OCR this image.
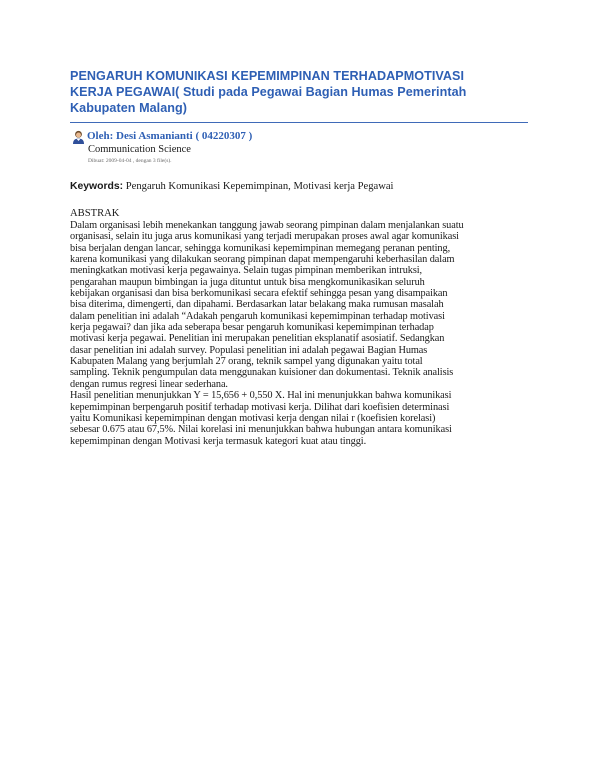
PENGARUH KOMUNIKASI KEPEMIMPINAN TERHADAPMOTIVASI KERJA PEGAWAI( Studi pada Pegawai Bagian Humas Pemerintah Kabupaten Malang)
Oleh: Desi Asmanianti ( 04220307 )
Communication Science
Dibuat: 2009-04-04 , dengan 3 file(s).
Keywords: Pengaruh Komunikasi Kepemimpinan, Motivasi kerja Pegawai
ABSTRAK
Dalam organisasi lebih menekankan tanggung jawab seorang pimpinan dalam menjalankan suatu
organisasi, selain itu juga arus komunikasi yang terjadi merupakan proses awal agar komunikasi
bisa berjalan dengan lancar, sehingga komunikasi kepemimpinan memegang peranan penting,
karena komunikasi yang dilakukan seorang pimpinan dapat mempengaruhi keberhasilan dalam
meningkatkan motivasi kerja pegawainya. Selain tugas pimpinan memberikan intruksi,
pengarahan maupun bimbingan ia juga dituntut untuk bisa mengkomunikasikan seluruh
kebijakan organisasi dan bisa berkomunikasi secara efektif sehingga pesan yang disampaikan
bisa diterima, dimengerti, dan dipahami. Berdasarkan latar belakang maka rumusan masalah
dalam penelitian ini adalah “Adakah pengaruh komunikasi kepemimpinan terhadap motivasi
kerja pegawai? dan jika ada seberapa besar pengaruh komunikasi kepemimpinan terhadap
motivasi kerja pegawai. Penelitian ini merupakan penelitian eksplanatif asosiatif. Sedangkan
dasar penelitian ini adalah survey. Populasi penelitian ini adalah pegawai Bagian Humas
Kabupaten Malang yang berjumlah 27 orang, teknik sampel yang digunakan yaitu total
sampling. Teknik pengumpulan data menggunakan kuisioner dan dokumentasi. Teknik analisis
dengan rumus regresi linear sederhana.
Hasil penelitian menunjukkan Y = 15,656 + 0,550 X. Hal ini menunjukkan bahwa komunikasi
kepemimpinan berpengaruh positif terhadap motivasi kerja. Dilihat dari koefisien determinasi
yaitu Komunikasi kepemimpinan dengan motivasi kerja dengan nilai r (koefisien korelasi)
sebesar 0.675 atau 67,5%. Nilai korelasi ini menunjukkan bahwa hubungan antara komunikasi
kepemimpinan dengan Motivasi kerja termasuk kategori kuat atau tinggi.
